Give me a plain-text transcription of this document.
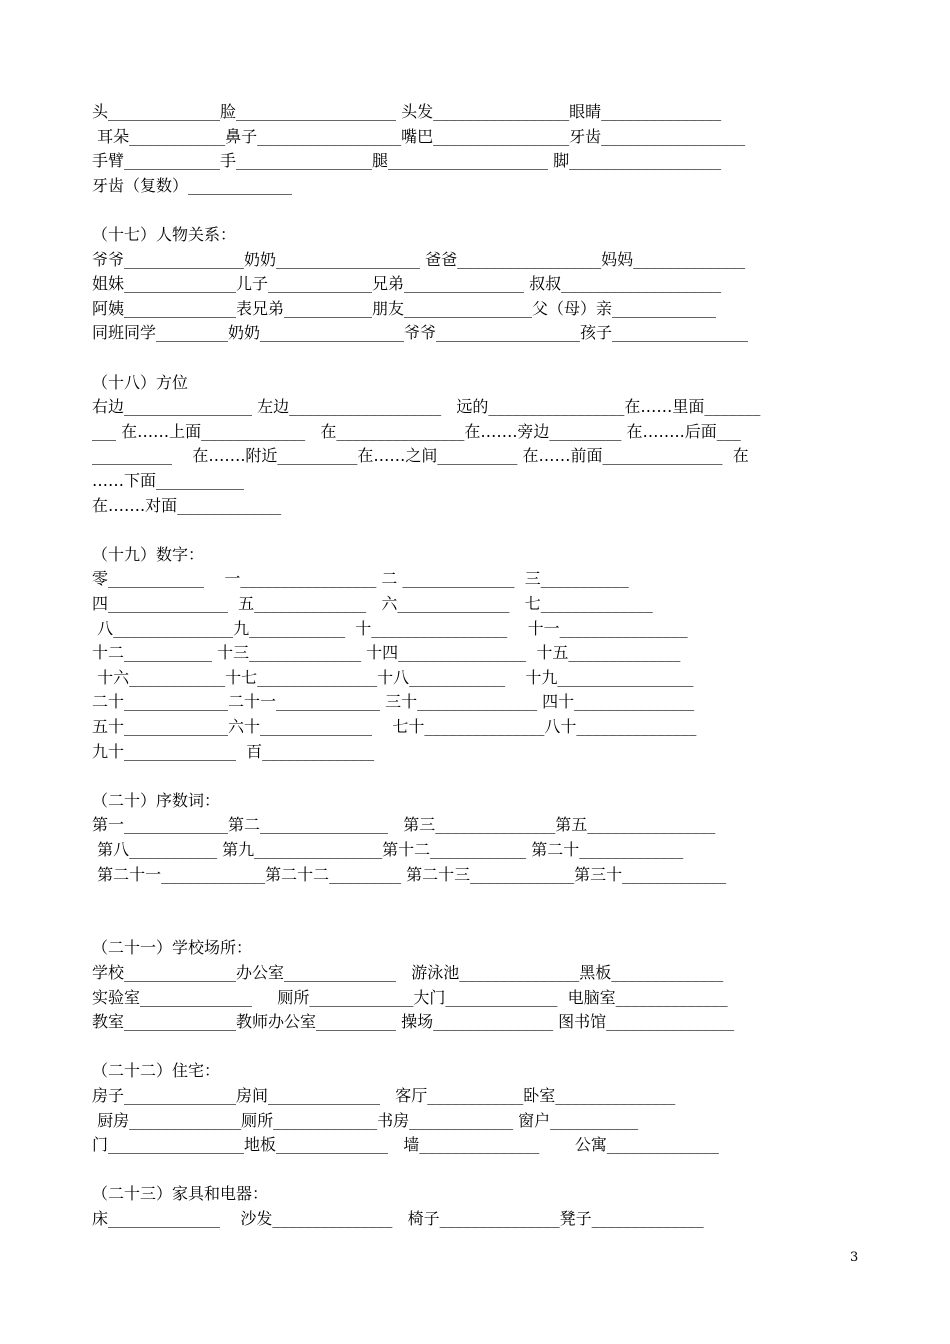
头______________脸____________________ 头发_________________眼睛_______________
耳朵____________鼻子__________________嘴巴_________________牙齿__________________
手臂____________手_________________腿____________________ 脚___________________
牙齿（复数）_____________
（十七）人物关系：
爷爷_______________奶奶__________________ 爸爸__________________妈妈______________
姐妹______________儿子_____________兄弟_______________ 叔叔____________________
阿姨______________表兄弟___________朋友________________父（母）亲_____________
同班同学_________奶奶__________________爷爷__________________孩子_________________
（十八）方位
右边________________ 左边___________________   远的_________________在……里面_______
___ 在……上面_____________   在________________在…….旁边_________ 在……..后面___
__________    在…….附近__________在……之间__________ 在……前面_______________  在
……下面___________
在…….对面_____________
（十九）数字：
零____________    一_________________ 二 ______________  三___________
四_______________  五______________   六______________   七______________
八_______________九____________  十_________________    十一________________
十二___________ 十三______________ 十四________________  十五______________
十六____________十七_______________十八____________    十九_________________
二十_____________二十一_____________ 三十_______________ 四十_______________
五十_____________六十______________    七十_______________八十_______________
九十______________  百______________
（二十）序数词：
第一_____________第二________________   第三_______________第五________________
第八___________ 第九________________第十二____________ 第二十_____________
第二十一_____________第二十二_________ 第二十三_____________第三十_____________
（二十一）学校场所：
学校______________办公室______________   游泳池_______________黑板______________
实验室______________     厕所_____________大门______________  电脑室______________
教室______________教师办公室__________ 操场_______________ 图书馆________________
（二十二）住宅：
房子______________房间______________   客厅____________卧室_______________
厨房______________厕所_____________书房_____________ 窗户___________
门_________________地板______________   墙_______________       公寓______________
（二十三）家具和电器：
床______________    沙发_______________   椅子_______________凳子______________
3
